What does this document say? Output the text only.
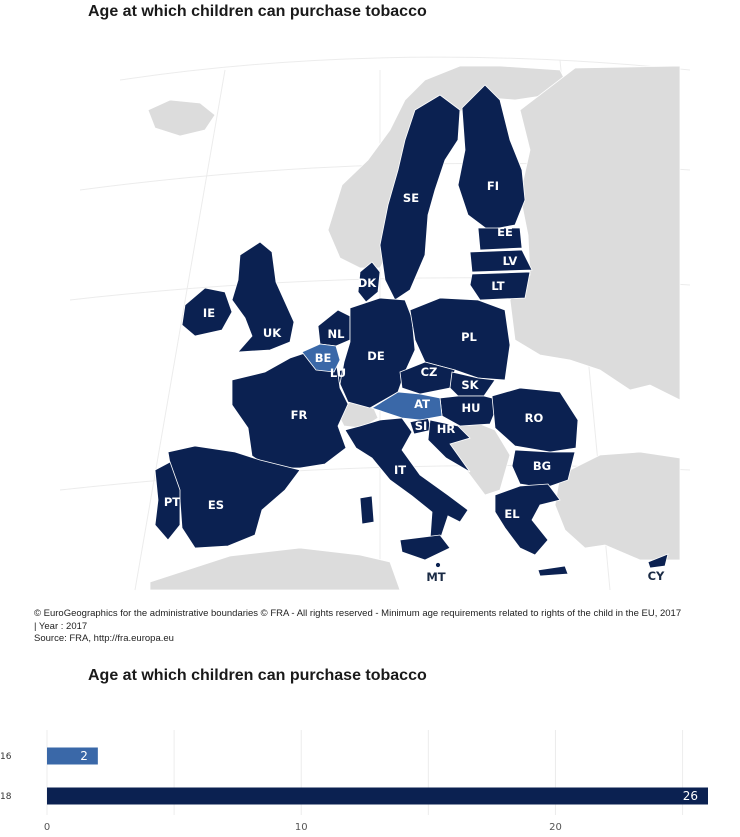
Age at which children can purchase tobacco
SE
FI
EE
LV
LT
DK
IE
UK	NL
BE
LU
DE
PL
CZ
SK
AT	HU
SI HR
RO
BG
FR
IT
PT ES
EL
MT	CY
© EuroGeographics for the administrative boundaries © FRA - All rights reserved - Minimum age requirements related to rights of the child in the EU, 2017
| Year : 2017
Source: FRA, http://fra.europa.eu
Age at which children can purchase tobacco
16	2
18	26
0	10	20
